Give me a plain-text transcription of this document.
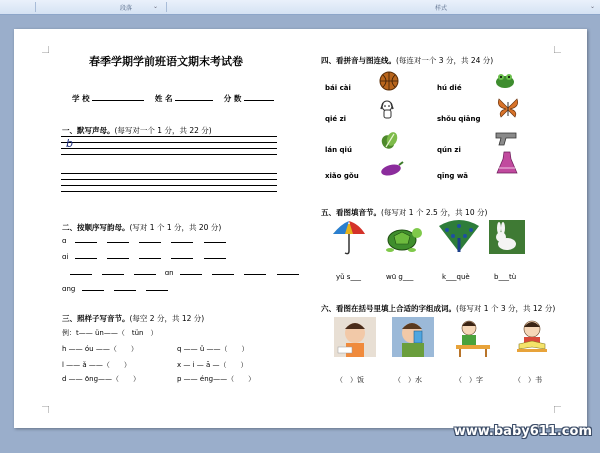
段落	⌄	样式	⌄
春季学期学前班语文期末考试卷
学 校	姓 名	分 数
一、默写声母。(每写对一个 1 分，共 22 分)
b
二、按顺序写韵母。(写对 1 个 1 分，共 20 分)
ɑ
ɑi
ɑn
ɑnɡ
三、照样子写音节。(每空 2 分，共 12 分)
例：t—— ün——（　tün　）
h —— óu ——（　　）	q —— ǔ ——（　　）
l —— ǎ ——（　　）	x — i — ā —（　　）
d —— ōnɡ——（　　）	p —— énɡ——（　　）
四、看拼音与图连线。(每连对一个 3 分，共 24 分)
bái cài
qié zi
lán qiú
xiǎo ɡǒu
hú dié
shǒu qiānɡ
qún zi
qīnɡ wā
五、看图填音节。(每写对 1 个 2.5 分，共 10 分)
yǔ s___	wū ɡ___	k___què	b___tù
六、看图在括号里填上合适的字组成词。(每写对 1 个 3 分，共 12 分)
（　）饭	（　）水	（　）字	（　）书
www.baby611.com
